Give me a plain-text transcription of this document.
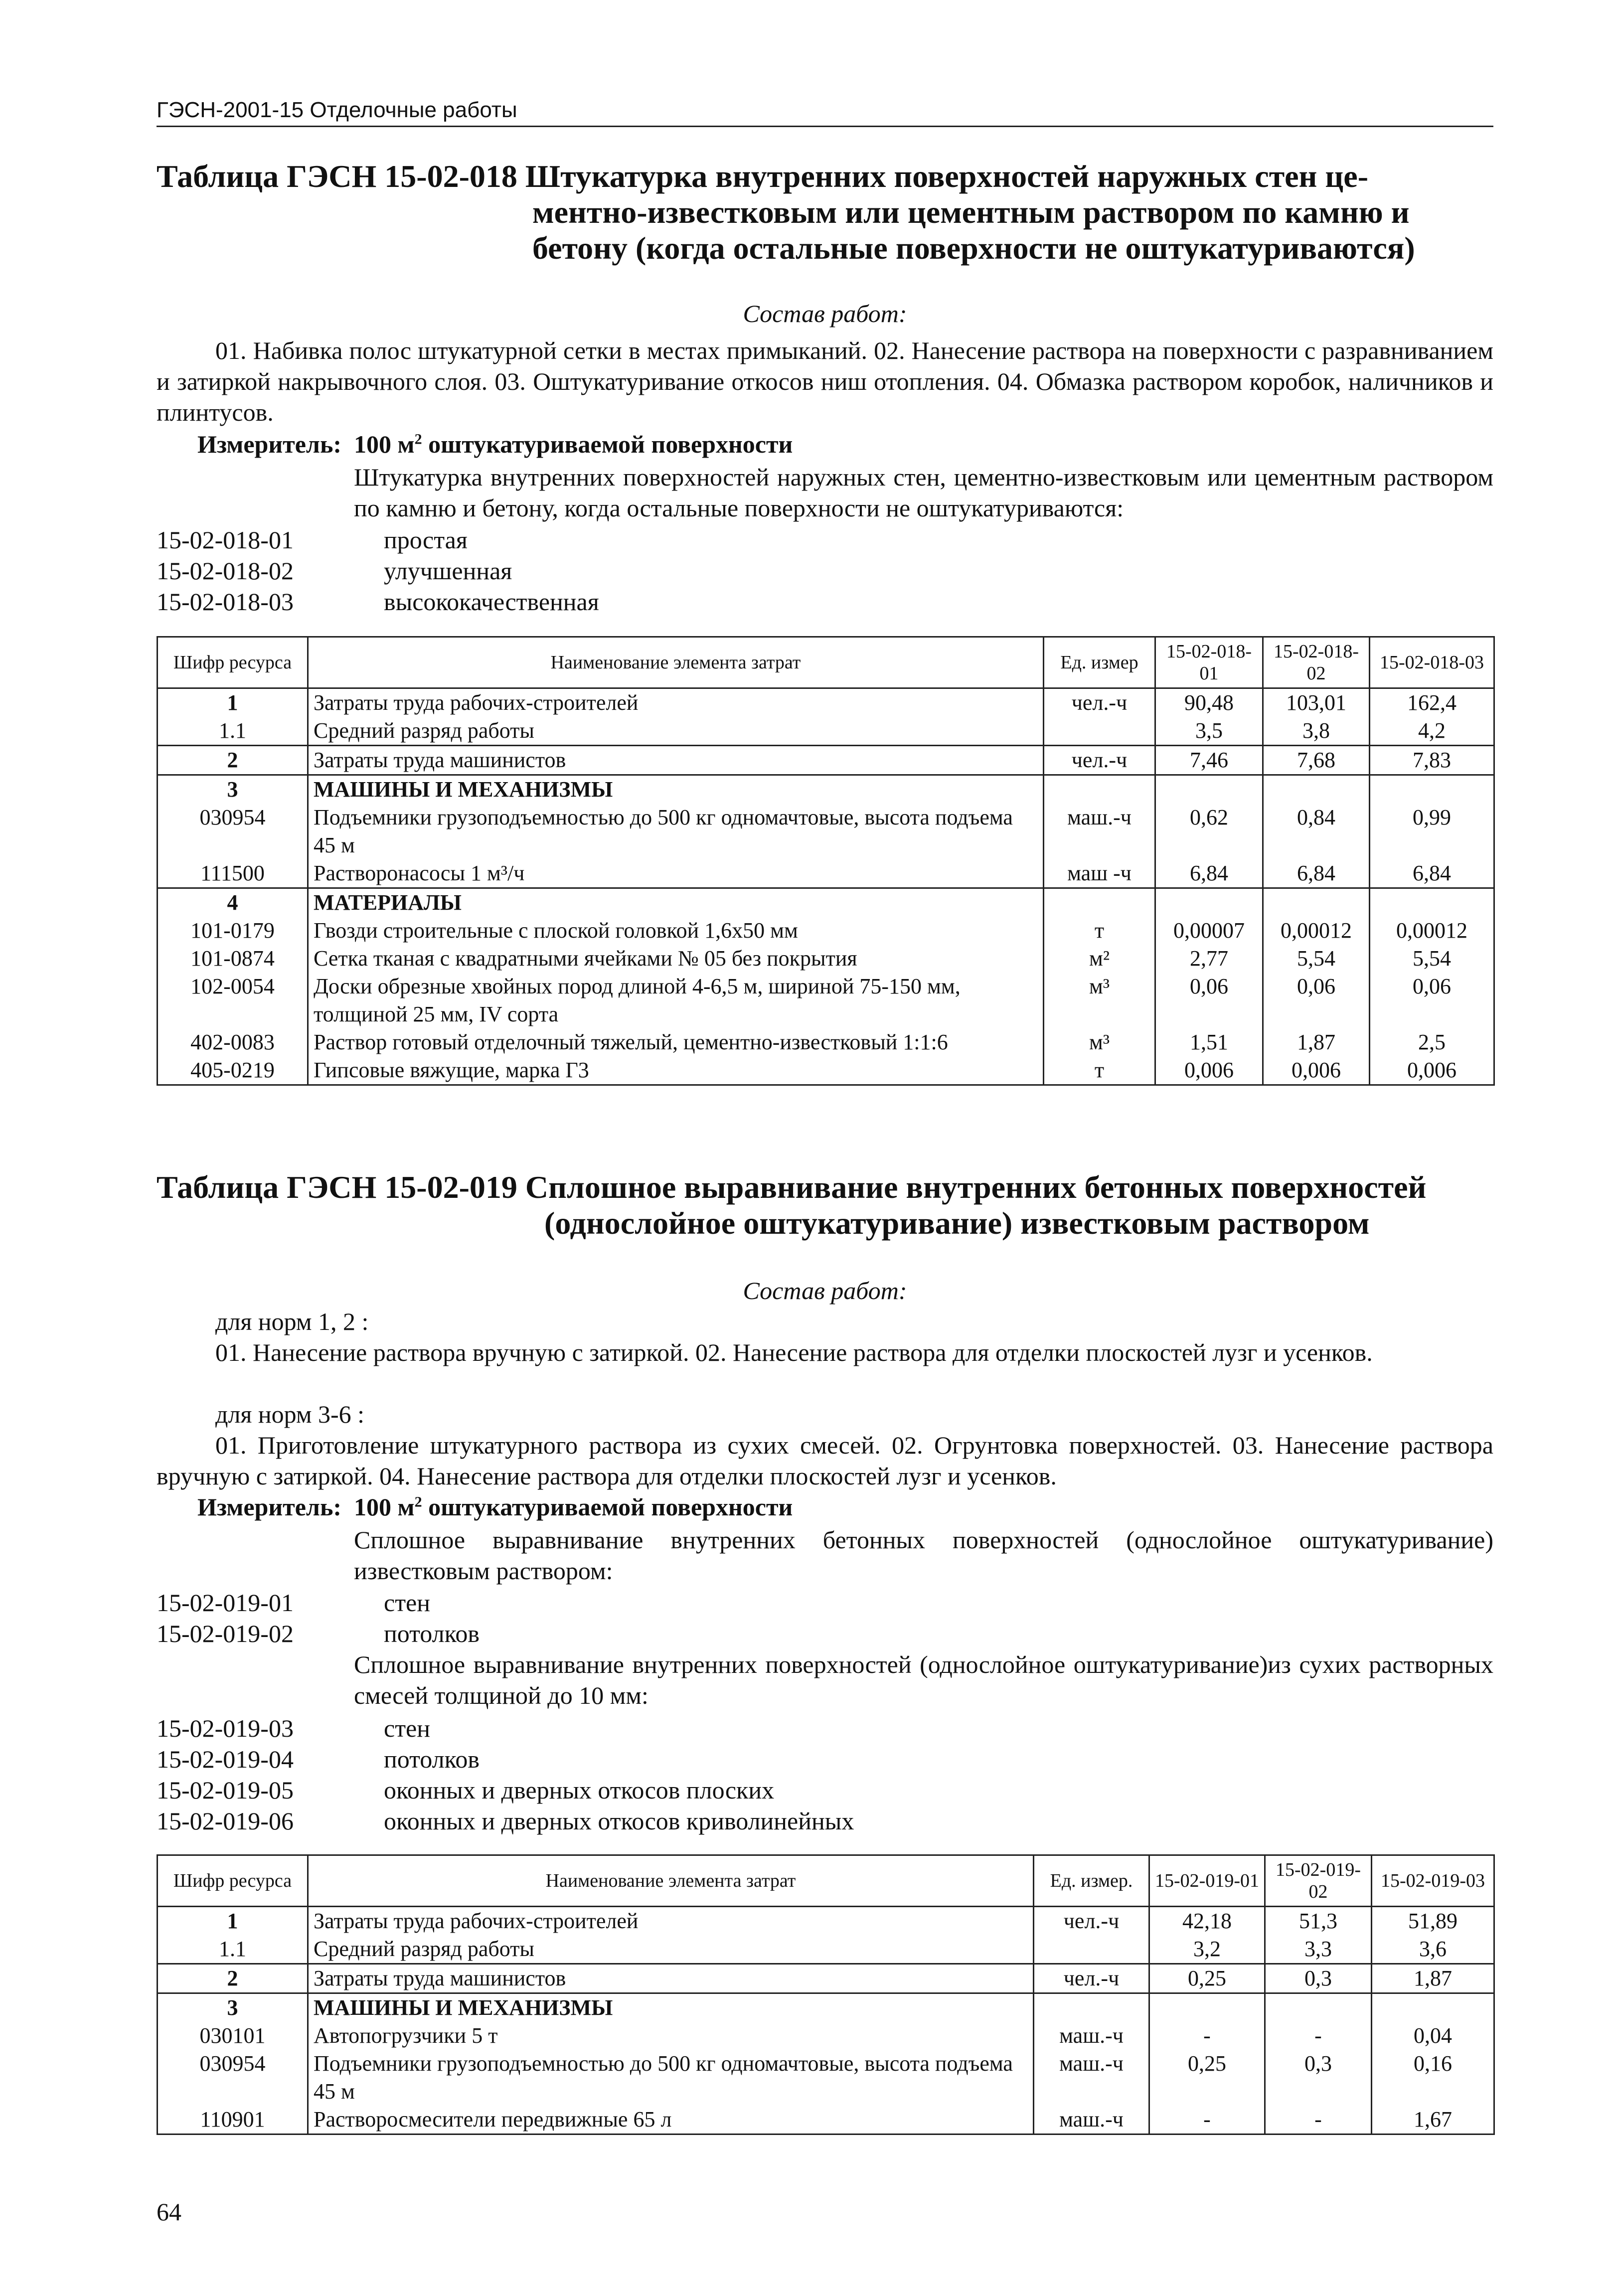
ГЭСН-2001-15 Отделочные работы
Таблица ГЭСН 15-02-018 Штукатурка внутренних поверхностей наружных стен це-
ментно-известковым или цементным раствором по камню и
бетону (когда остальные поверхности не оштукатуриваются)
Состав работ:
01. Набивка полос штукатурной сетки в местах примыканий. 02. Нанесение раствора на поверхности с разравниванием и затиркой накрывочного слоя. 03. Оштукатуривание откосов ниш отопления. 04. Обмазка раствором коробок, наличников и плинтусов.
Измеритель: 100 $м^2$ оштукатуриваемой поверхности
Штукатурка внутренних поверхностей наружных стен, цементно-известковым или цементным раствором по камню и бетону, когда остальные поверхности не оштукатуриваются:
15-02-018-01	простая
15-02-018-02	улучшенная
15-02-018-03	высококачественная
Шифр ресурса	Наименование элемента затрат	Ед. измер	15-02-018-01	15-02-018-02	15-02-018-03
1	Затраты труда рабочих-строителей	чел.-ч	90,48	103,01	162,4
1.1	Средний разряд работы		3,5	3,8	4,2
2	Затраты труда машинистов	чел.-ч	7,46	7,68	7,83
3	МАШИНЫ И МЕХАНИЗМЫ				
030954	Подъемники грузоподъемностью до 500 кг одномачтовые, высота подъема 45 м	маш.-ч	0,62	0,84	0,99
111500	Растворонасосы 1 м³/ч	маш -ч	6,84	6,84	6,84
4	МАТЕРИАЛЫ				
101-0179	Гвозди строительные с плоской головкой 1,6x50 мм	т	0,00007	0,00012	0,00012
101-0874	Сетка тканая с квадратными ячейками № 05 без покрытия	м²	2,77	5,54	5,54
102-0054	Доски обрезные хвойных пород длиной 4-6,5 м, шириной 75-150 мм, толщиной 25 мм, IV сорта	м³	0,06	0,06	0,06
402-0083	Раствор готовый отделочный тяжелый, цементно-известковый 1:1:6	м³	1,51	1,87	2,5
405-0219	Гипсовые вяжущие, марка Г3	т	0,006	0,006	0,006
Таблица ГЭСН 15-02-019 Сплошное выравнивание внутренних бетонных поверхностей
(однослойное оштукатуривание) известковым раствором
Состав работ:
для норм 1, 2 :
01. Нанесение раствора вручную с затиркой. 02. Нанесение раствора для отделки плоскостей лузг и усенков.
для норм 3-6 :
01. Приготовление штукатурного раствора из сухих смесей. 02. Огрунтовка поверхностей. 03. Нанесение раствора вручную с затиркой. 04. Нанесение раствора для отделки плоскостей лузг и усенков.
Измеритель: 100 $м^2$ оштукатуриваемой поверхности
Сплошное выравнивание внутренних бетонных поверхностей (однослойное оштукатуривание) известковым раствором:
15-02-019-01	стен
15-02-019-02	потолков
Сплошное выравнивание внутренних поверхностей (однослойное оштукатуривание)из сухих растворных смесей толщиной до 10 мм:
15-02-019-03	стен
15-02-019-04	потолков
15-02-019-05	оконных и дверных откосов плоских
15-02-019-06	оконных и дверных откосов криволинейных
Шифр ресурса	Наименование элемента затрат	Ед. измер.	15-02-019-01	15-02-019-02	15-02-019-03
1	Затраты труда рабочих-строителей	чел.-ч	42,18	51,3	51,89
1.1	Средний разряд работы		3,2	3,3	3,6
2	Затраты труда машинистов	чел.-ч	0,25	0,3	1,87
3	МАШИНЫ И МЕХАНИЗМЫ				
030101	Автопогрузчики 5 т	маш.-ч	-	-	0,04
030954	Подъемники грузоподъемностью до 500 кг одномачтовые, высота подъема 45 м	маш.-ч	0,25	0,3	0,16
110901	Растворосмесители передвижные 65 л	маш.-ч	-	-	1,67
64
